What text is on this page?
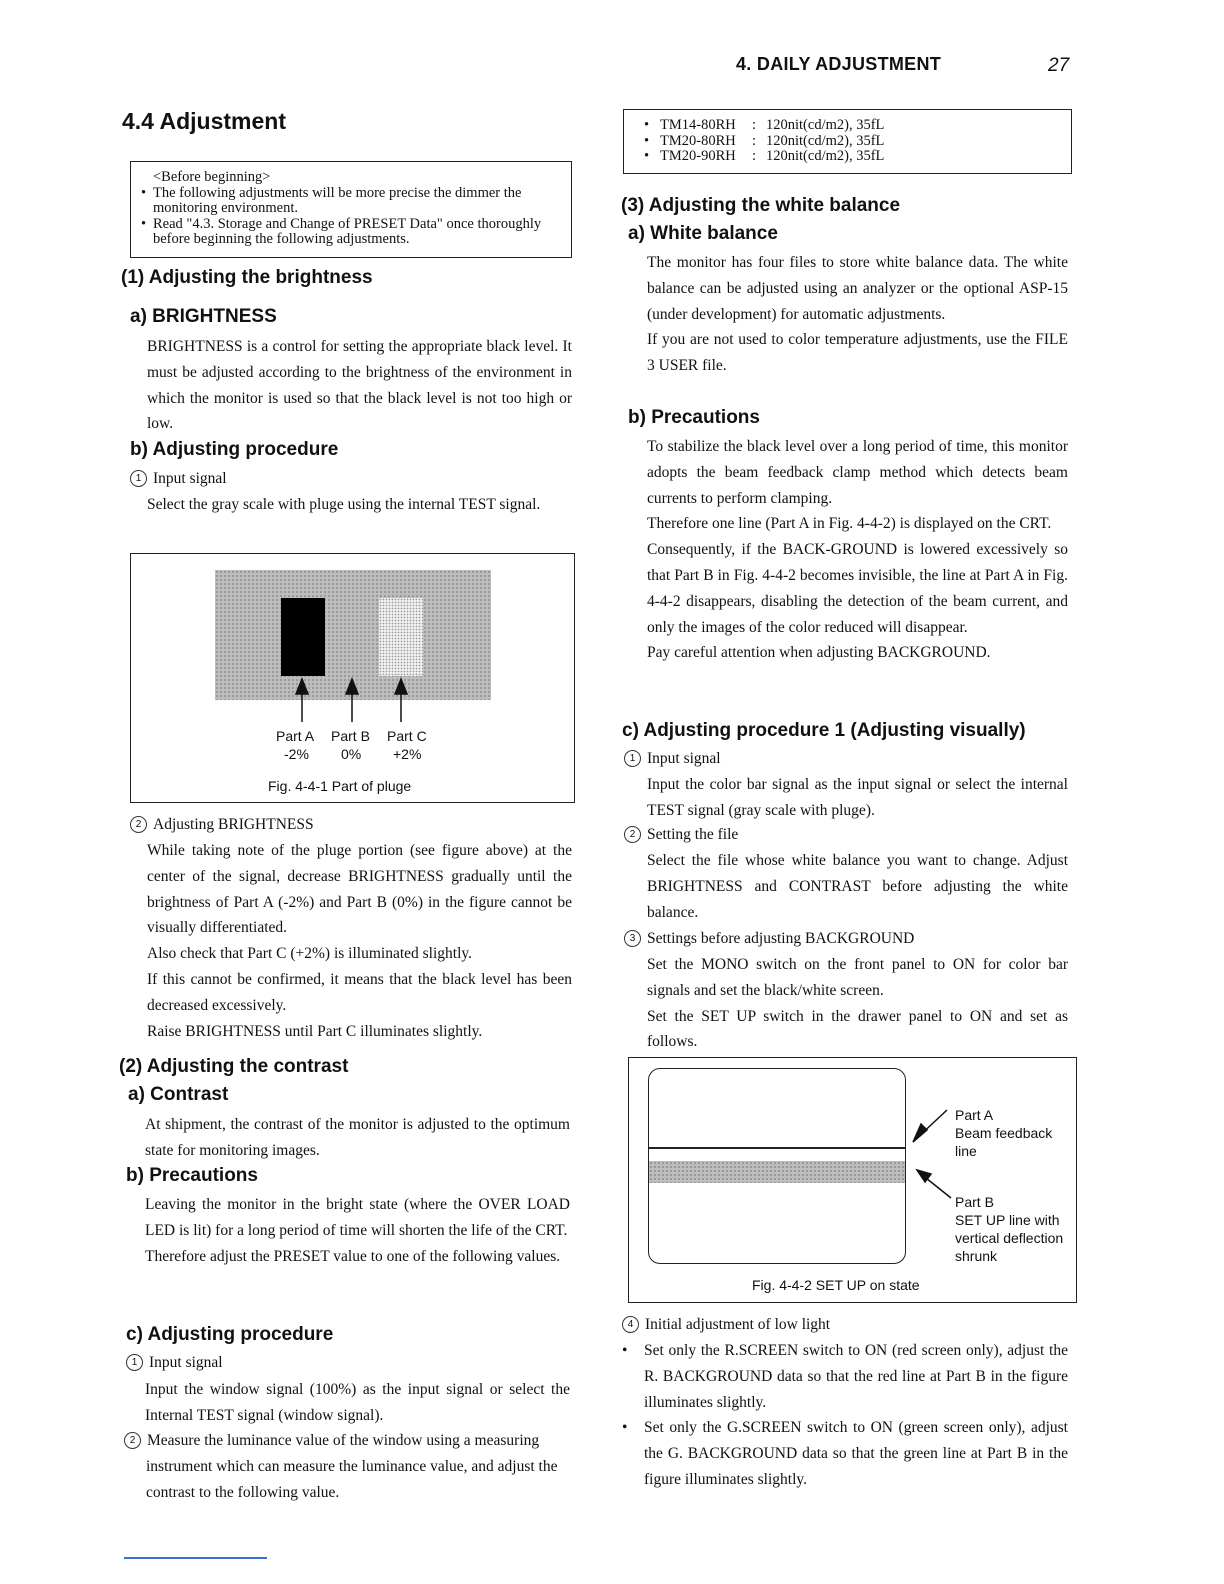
4. DAILY ADJUSTMENT	27
4.4 Adjustment
<Before beginning>
• The following adjustments will be more precise the dimmer the monitoring environment.
• Read "4.3. Storage and Change of PRESET Data" once thoroughly before beginning the following adjustments.
(1) Adjusting the brightness
a) BRIGHTNESS

BRIGHTNESS is a control for setting the appropriate black level. It must be adjusted according to the brightness of the environment in which the monitor is used so that the black level is not too high or low.

b) Adjusting procedure
1 Input signal

Select the gray scale with pluge using the internal TEST signal.

Part A Part B Part C
-2% 0% +2%
Fig. 4-4-1 Part of pluge
2 Adjusting BRIGHTNESS

While taking note of the pluge portion (see figure above) at the center of the signal, decrease BRIGHTNESS gradually until the brightness of Part A (-2%) and Part B (0%) in the figure cannot be visually differentiated.

Also check that Part C (+2%) is illuminated slightly.

If this cannot be confirmed, it means that the black level has been decreased excessively.

Raise BRIGHTNESS until Part C illuminates slightly.

(2) Adjusting the contrast
a) Contrast

At shipment, the contrast of the monitor is adjusted to the optimum state for monitoring images.

b) Precautions

Leaving the monitor in the bright state (where the OVER LOAD LED is lit) for a long period of time will shorten the life of the CRT.

Therefore adjust the PRESET value to one of the following values.

c) Adjusting procedure
1 Input signal

Input the window signal (100%) as the input signal or select the Internal TEST signal (window signal).

2 Measure the luminance value of the window using a measuring instrument which can measure the luminance value, and adjust the contrast to the following value.
• TM14-80RH	: 120nit(cd/m2), 35fL
• TM20-80RH	: 120nit(cd/m2), 35fL
• TM20-90RH	: 120nit(cd/m2), 35fL
(3) Adjusting the white balance
a) White balance

The monitor has four files to store white balance data. The white balance can be adjusted using an analyzer or the optional ASP-15 (under development) for automatic adjustments.

If you are not used to color temperature adjustments, use the FILE 3 USER file.

b) Precautions

To stabilize the black level over a long period of time, this monitor adopts the beam feedback clamp method which detects beam currents to perform clamping.

Therefore one line (Part A in Fig. 4-4-2) is displayed on the CRT.

Consequently, if the BACK-GROUND is lowered excessively so that Part B in Fig. 4-4-2 becomes invisible, the line at Part A in Fig. 4-4-2 disappears, disabling the detection of the beam current, and only the images of the color reduced will disappear.

Pay careful attention when adjusting BACKGROUND.

c) Adjusting procedure 1 (Adjusting visually)
1 Input signal

Input the color bar signal as the input signal or select the internal TEST signal (gray scale with pluge).

2 Setting the file

Select the file whose white balance you want to change. Adjust BRIGHTNESS and CONTRAST before adjusting the white balance.

3 Settings before adjusting BACKGROUND

Set the MONO switch on the front panel to ON for color bar signals and set the black/white screen.

Set the SET UP switch in the drawer panel to ON and set as follows.

Part A
Beam feedback
line
Part B
SET UP line with
vertical deflection
shrunk
Fig. 4-4-2 SET UP on state
4 Initial adjustment of low light
• Set only the R.SCREEN switch to ON (red screen only), adjust the R. BACKGROUND data so that the red line at Part B in the figure illuminates slightly.
• Set only the G.SCREEN switch to ON (green screen only), adjust the G. BACKGROUND data so that the green line at Part B in the figure illuminates slightly.
